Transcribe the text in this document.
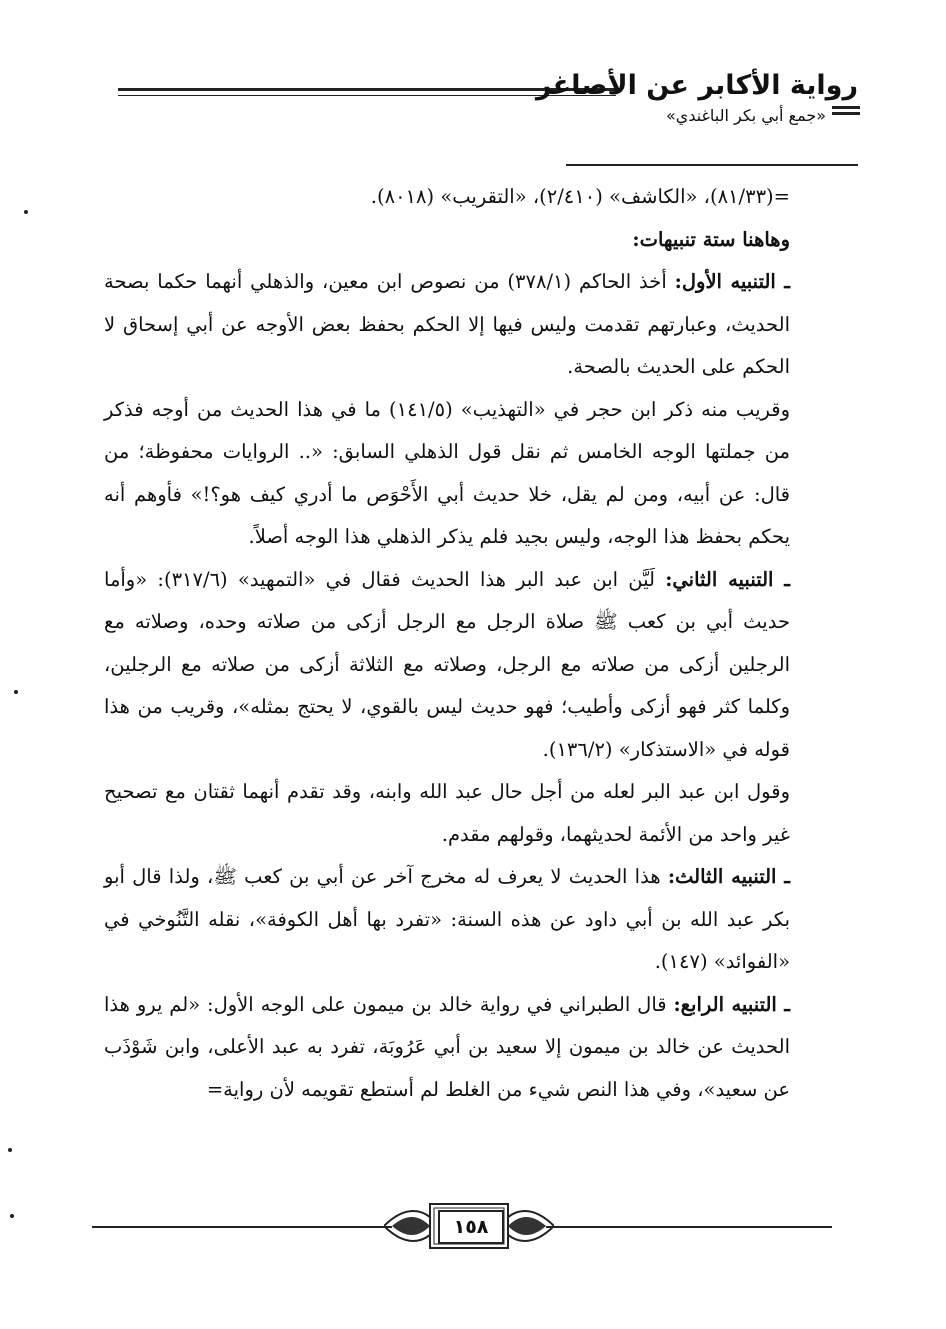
رواية الأكابر عن الأصاغر
«جمع أبي بكر الباغندي»

=(٨١/٣٣)، «الكاشف» (٢/٤١٠)، «التقريب» (٨٠١٨).

وهاهنا ستة تنبيهات:

ـ التنبيه الأول: أخذ الحاكم (٣٧٨/١) من نصوص ابن معين، والذهلي أنهما حكما بصحة الحديث، وعبارتهم تقدمت وليس فيها إلا الحكم بحفظ بعض الأوجه عن أبي إسحاق لا الحكم على الحديث بالصحة.

وقريب منه ذكر ابن حجر في «التهذيب» (١٤١/٥) ما في هذا الحديث من أوجه فذكر من جملتها الوجه الخامس ثم نقل قول الذهلي السابق: «.. الروايات محفوظة؛ من قال: عن أبيه، ومن لم يقل، خلا حديث أبي الأَحْوَص ما أدري كيف هو؟!» فأوهم أنه يحكم بحفظ هذا الوجه، وليس بجيد فلم يذكر الذهلي هذا الوجه أصلاً.

ـ التنبيه الثاني: لَيَّن ابن عبد البر هذا الحديث فقال في «التمهيد» (٣١٧/٦): «وأما حديث أبي بن كعب ﷺ صلاة الرجل مع الرجل أزكى من صلاته وحده، وصلاته مع الرجلين أزكى من صلاته مع الرجل، وصلاته مع الثلاثة أزكى من صلاته مع الرجلين، وكلما كثر فهو أزكى وأطيب؛ فهو حديث ليس بالقوي، لا يحتج بمثله»، وقريب من هذا قوله في «الاستذكار» (١٣٦/٢).

وقول ابن عبد البر لعله من أجل حال عبد الله وابنه، وقد تقدم أنهما ثقتان مع تصحيح غير واحد من الأئمة لحديثهما، وقولهم مقدم.

ـ التنبيه الثالث: هذا الحديث لا يعرف له مخرج آخر عن أبي بن كعب ﷺ، ولذا قال أبو بكر عبد الله بن أبي داود عن هذه السنة: «تفرد بها أهل الكوفة»، نقله التَّنُوخي في «الفوائد» (١٤٧).

ـ التنبيه الرابع: قال الطبراني في رواية خالد بن ميمون على الوجه الأول: «لم يرو هذا الحديث عن خالد بن ميمون إلا سعيد بن أبي عَرُوبَة، تفرد به عبد الأعلى، وابن شَوْذَب عن سعيد»، وفي هذا النص شيء من الغلط لم أستطع تقويمه لأن رواية=

١٥٨
